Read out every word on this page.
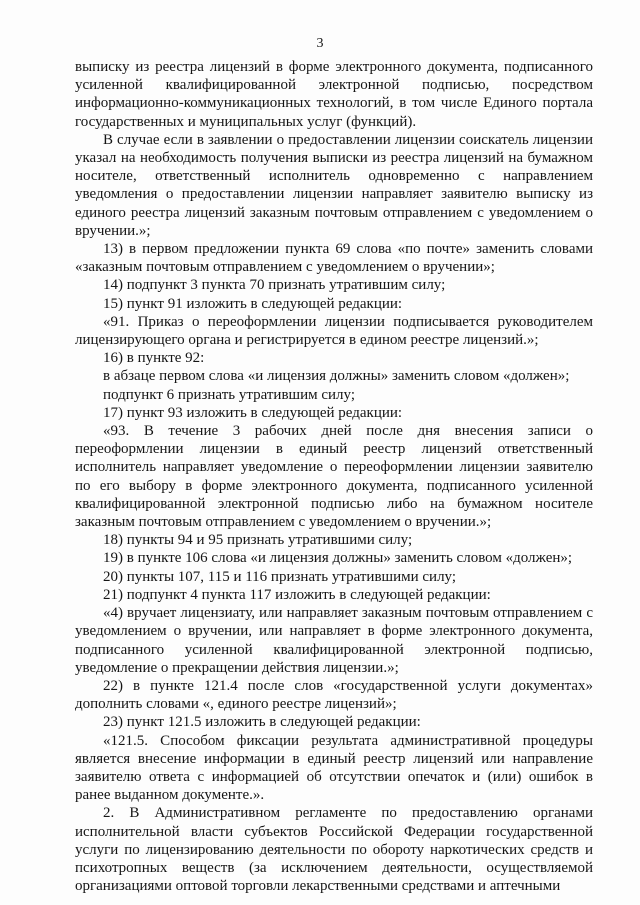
3

выписку из реестра лицензий в форме электронного документа, подписанного усиленной квалифицированной электронной подписью, посредством информационно-коммуникационных технологий, в том числе Единого портала государственных и муниципальных услуг (функций).

В случае если в заявлении о предоставлении лицензии соискатель лицензии указал на необходимость получения выписки из реестра лицензий на бумажном носителе, ответственный исполнитель одновременно с направлением уведомления о предоставлении лицензии направляет заявителю выписку из единого реестра лицензий заказным почтовым отправлением с уведомлением о вручении.»;

13) в первом предложении пункта 69 слова «по почте» заменить словами «заказным почтовым отправлением с уведомлением о вручении»;

14) подпункт 3 пункта 70 признать утратившим силу;

15) пункт 91 изложить в следующей редакции:

«91. Приказ о переоформлении лицензии подписывается руководителем лицензирующего органа и регистрируется в едином реестре лицензий.»;

16) в пункте 92:

в абзаце первом слова «и лицензия должны» заменить словом «должен»;

подпункт 6 признать утратившим силу;

17) пункт 93 изложить в следующей редакции:

«93. В течение 3 рабочих дней после дня внесения записи о переоформлении лицензии в единый реестр лицензий ответственный исполнитель направляет уведомление о переоформлении лицензии заявителю по его выбору в форме электронного документа, подписанного усиленной квалифицированной электронной подписью либо на бумажном носителе заказным почтовым отправлением с уведомлением о вручении.»;

18) пункты 94 и 95 признать утратившими силу;

19) в пункте 106 слова «и лицензия должны» заменить словом «должен»;

20) пункты 107, 115 и 116 признать утратившими силу;

21) подпункт 4 пункта 117 изложить в следующей редакции:

«4) вручает лицензиату, или направляет заказным почтовым отправлением с уведомлением о вручении, или направляет в форме электронного документа, подписанного усиленной квалифицированной электронной подписью, уведомление о прекращении действия лицензии.»;

22) в пункте 121.4 после слов «государственной услуги документах» дополнить словами «, единого реестре лицензий»;

23) пункт 121.5 изложить в следующей редакции:

«121.5. Способом фиксации результата административной процедуры является внесение информации в единый реестр лицензий или направление заявителю ответа с информацией об отсутствии опечаток и (или) ошибок в ранее выданном документе.».

2. В Административном регламенте по предоставлению органами исполнительной власти субъектов Российской Федерации государственной услуги по лицензированию деятельности по обороту наркотических средств и психотропных веществ (за исключением деятельности, осуществляемой организациями оптовой торговли лекарственными средствами и аптечными
